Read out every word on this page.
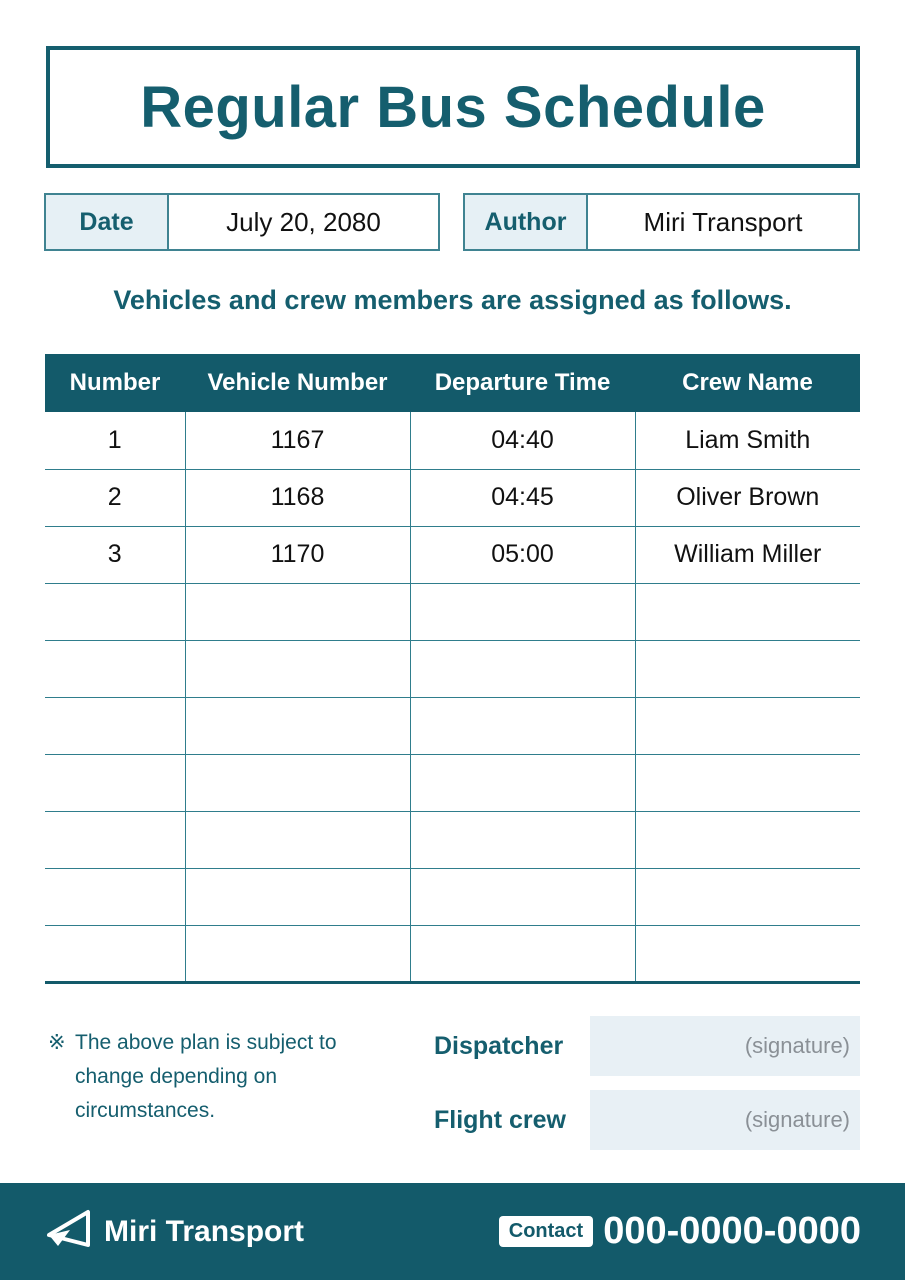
Regular Bus Schedule
Date	July 20, 2080	Author	Miri Transport
Vehicles and crew members are assigned as follows.
Number	Vehicle Number	Departure Time	Crew Name
1	1167	04:40	Liam Smith
2	1168	04:45	Oliver Brown
3	1170	05:00	William Miller

※ The above plan is subject to change depending on circumstances.
Dispatcher	(signature)
Flight crew	(signature)
Miri Transport	Contact 000-0000-0000
